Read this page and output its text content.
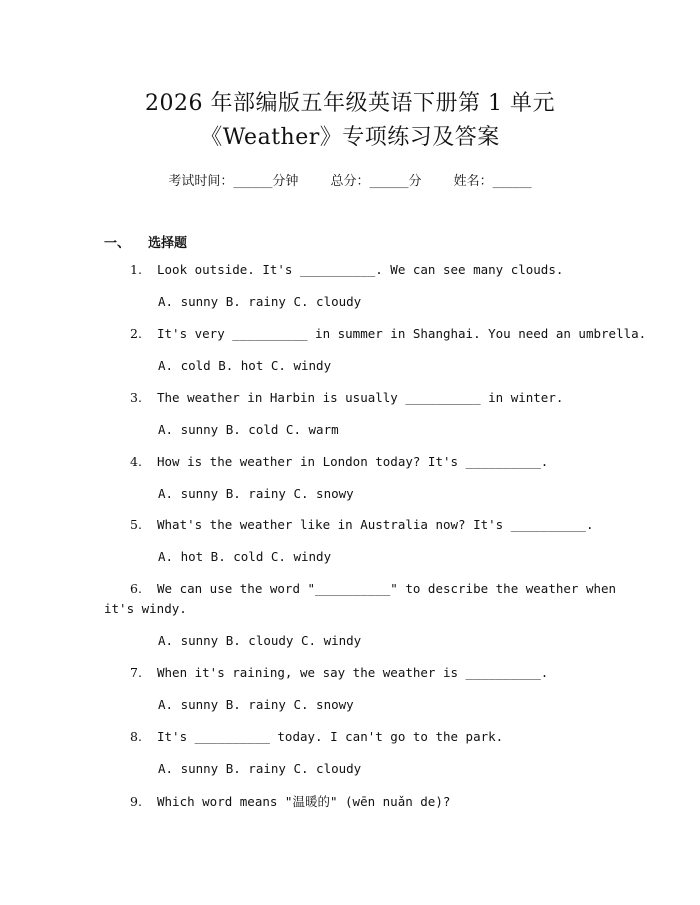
2026 年部编版五年级英语下册第 1 单元
《Weather》专项练习及答案
考试时间：______分钟 总分：______分 姓名：______
一、 选择题
1. Look outside. It's __________. We can see many clouds.
A. sunny B. rainy C. cloudy
2. It's very __________ in summer in Shanghai. You need an umbrella.
A. cold B. hot C. windy
3. The weather in Harbin is usually __________ in winter.
A. sunny B. cold C. warm
4. How is the weather in London today? It's __________.
A. sunny B. rainy C. snowy
5. What's the weather like in Australia now? It's __________.
A. hot B. cold C. windy
6. We can use the word "__________" to describe the weather when
it's windy.
A. sunny B. cloudy C. windy
7. When it's raining, we say the weather is __________.
A. sunny B. rainy C. snowy
8. It's __________ today. I can't go to the park.
A. sunny B. rainy C. cloudy
9. Which word means "温暖的" (wēn nuǎn de)?
